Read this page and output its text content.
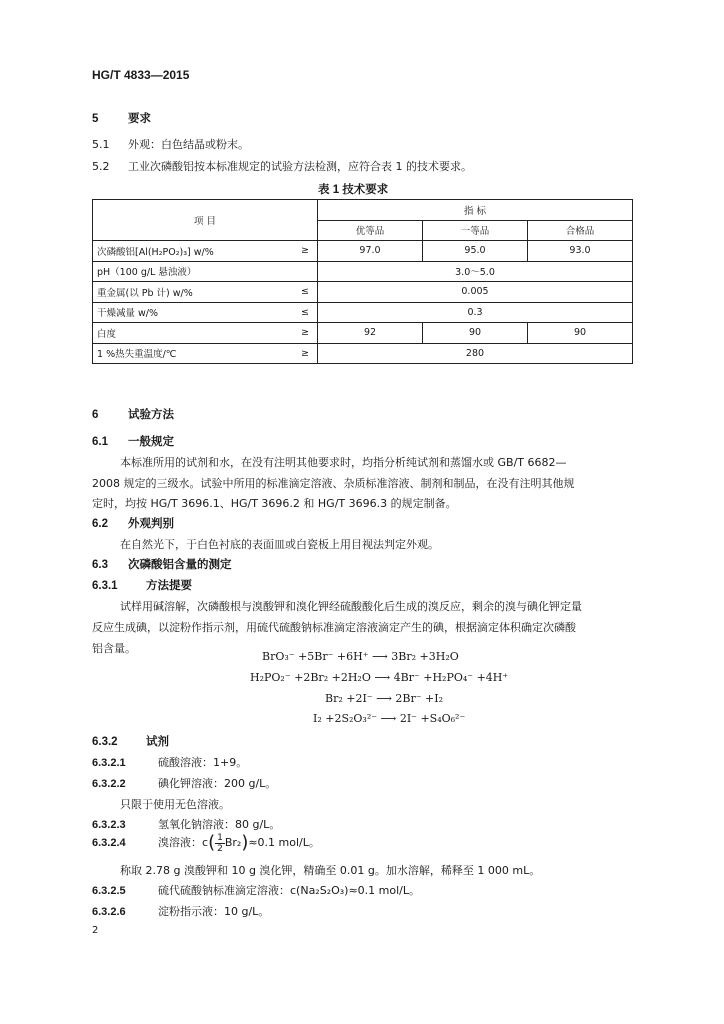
HG/T 4833—2015
5	要求
5.1 外观：白色结晶或粉末。
5.2 工业次磷酸铝按本标准规定的试验方法检测，应符合表 1 的技术要求。
表 1 技术要求
项 目		指 标		
		优等品	一等品	合格品
次磷酸铝[Al(H₂PO₂)₃] w/%	≥	97.0	95.0	93.0
pH（100 g/L 悬浊液）		3.0～5.0		
重金属(以 Pb 计) w/%	≤	0.005		
干燥减量 w/%	≤	0.3		
白度	≥	92	90	90
1 %热失重温度/℃	≥	280		
6	试验方法
6.1 一般规定
本标准所用的试剂和水，在没有注明其他要求时，均指分析纯试剂和蒸馏水或 GB/T 6682—
2008 规定的三级水。试验中所用的标准滴定溶液、杂质标准溶液、制剂和制品，在没有注明其他规
定时，均按 HG/T 3696.1、HG/T 3696.2 和 HG/T 3696.3 的规定制备。
6.2 外观判别
在自然光下，于白色衬底的表面皿或白瓷板上用目视法判定外观。
6.3 次磷酸铝含量的测定
6.3.1 方法提要
试样用碱溶解，次磷酸根与溴酸钾和溴化钾经硫酸酸化后生成的溴反应，剩余的溴与碘化钾定量
反应生成碘，以淀粉作指示剂，用硫代硫酸钠标准滴定溶液滴定产生的碘，根据滴定体积确定次磷酸
铝含量。
BrO₃⁻ +5Br⁻ +6H⁺ ⟶ 3Br₂ +3H₂O
H₂PO₂⁻ +2Br₂ +2H₂O ⟶ 4Br⁻ +H₂PO₄⁻ +4H⁺
Br₂ +2I⁻ ⟶ 2Br⁻ +I₂
I₂ +2S₂O₃²⁻ ⟶ 2I⁻ +S₄O₆²⁻
6.3.2 试剂
6.3.2.1	硫酸溶液：1+9。
6.3.2.2	碘化钾溶液：200 g/L。
只限于使用无色溶液。
6.3.2.3	氢氧化钠溶液：80 g/L。
6.3.2.4	溴溶液：$c( \frac{1}{2} Br_2)\approx 0.1$ mol/L。
称取 2.78 g 溴酸钾和 10 g 溴化钾，精确至 0.01 g。加水溶解，稀释至 1 000 mL。
6.3.2.5	硫代硫酸钠标准滴定溶液：c(Na₂S₂O₃)≈0.1 mol/L。
6.3.2.6	淀粉指示液：10 g/L。
2
